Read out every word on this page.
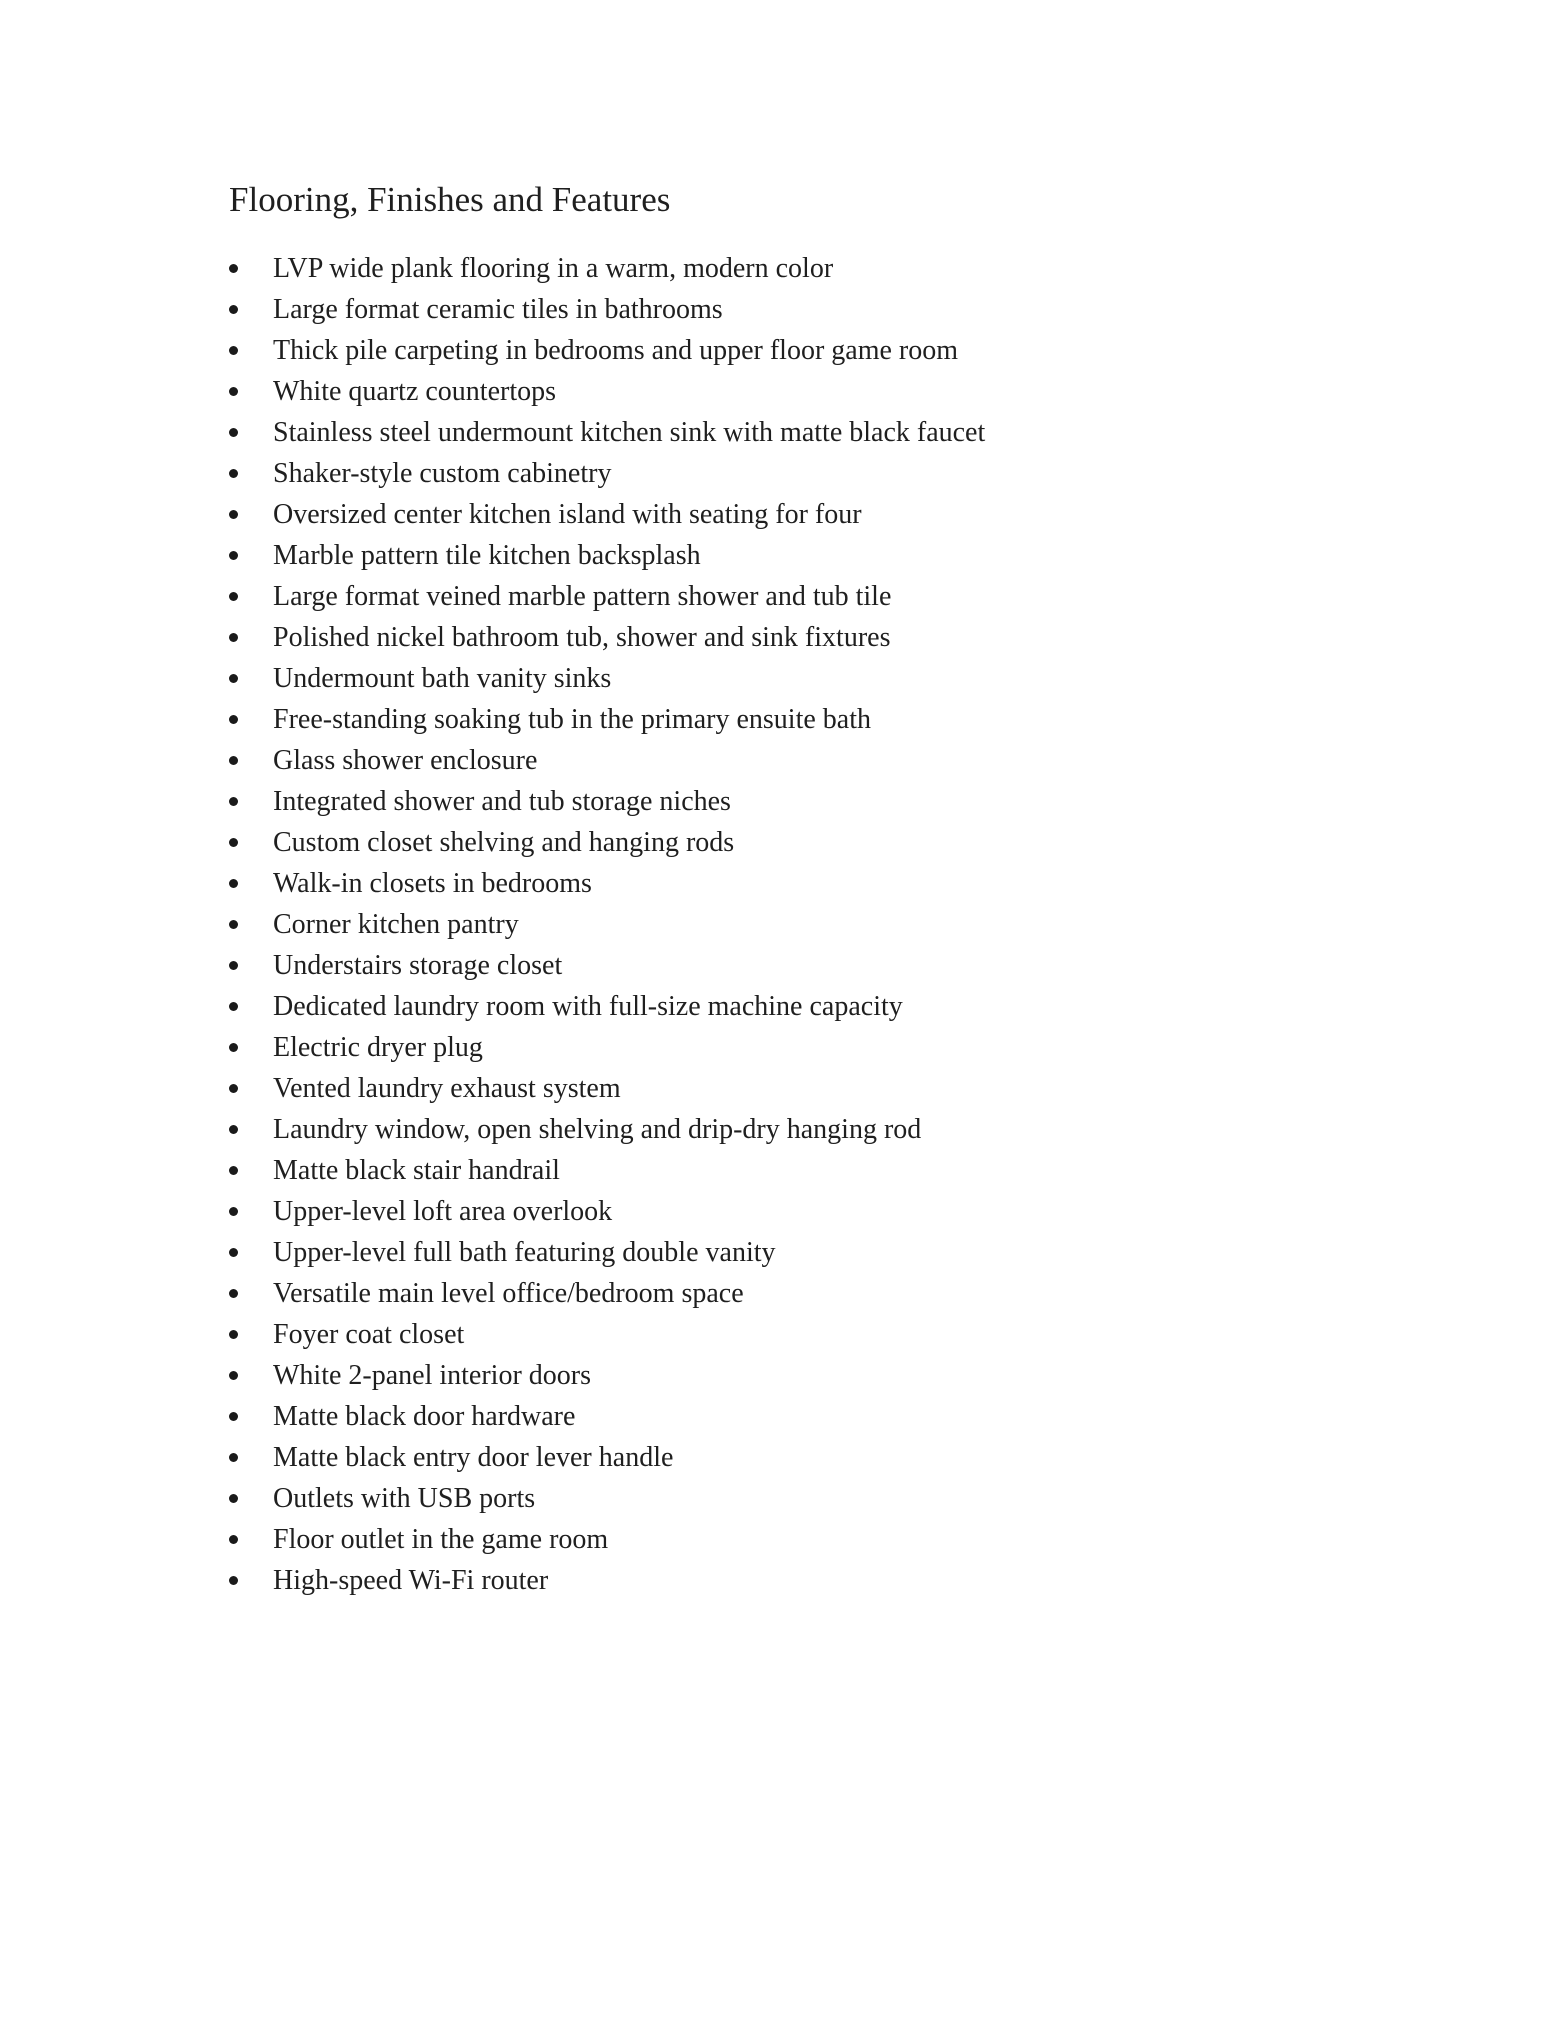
Flooring, Finishes and Features
LVP wide plank flooring in a warm, modern color
Large format ceramic tiles in bathrooms
Thick pile carpeting in bedrooms and upper floor game room
White quartz countertops
Stainless steel undermount kitchen sink with matte black faucet
Shaker-style custom cabinetry
Oversized center kitchen island with seating for four
Marble pattern tile kitchen backsplash
Large format veined marble pattern shower and tub tile
Polished nickel bathroom tub, shower and sink fixtures
Undermount bath vanity sinks
Free-standing soaking tub in the primary ensuite bath
Glass shower enclosure
Integrated shower and tub storage niches
Custom closet shelving and hanging rods
Walk-in closets in bedrooms
Corner kitchen pantry
Understairs storage closet
Dedicated laundry room with full-size machine capacity
Electric dryer plug
Vented laundry exhaust system
Laundry window, open shelving and drip-dry hanging rod
Matte black stair handrail
Upper-level loft area overlook
Upper-level full bath featuring double vanity
Versatile main level office/bedroom space
Foyer coat closet
White 2-panel interior doors
Matte black door hardware
Matte black entry door lever handle
Outlets with USB ports
Floor outlet in the game room
High-speed Wi-Fi router
